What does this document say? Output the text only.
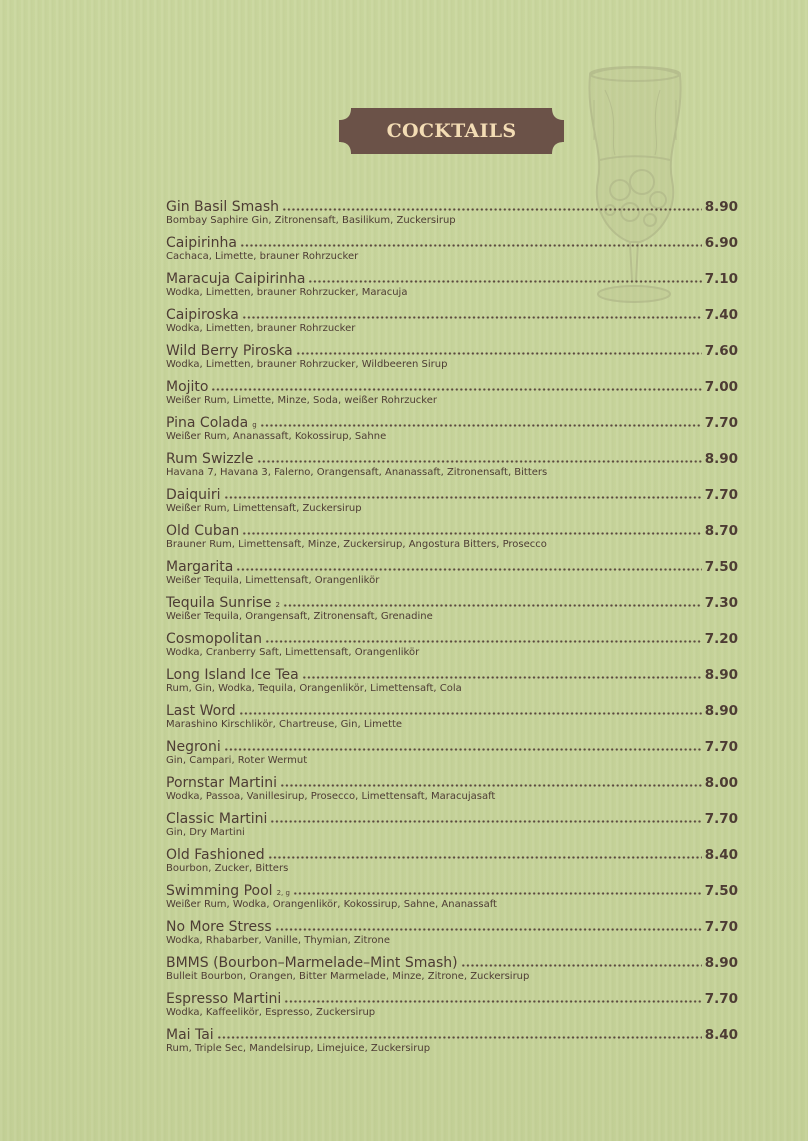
COCKTAILS
Gin Basil Smash	8.90
Bombay Saphire Gin, Zitronensaft, Basilikum, Zuckersirup
Caipirinha	6.90
Cachaca, Limette, brauner Rohrzucker
Maracuja Caipirinha	7.10
Wodka, Limetten, brauner Rohrzucker, Maracuja
Caipiroska	7.40
Wodka, Limetten, brauner Rohrzucker
Wild Berry Piroska	7.60
Wodka, Limetten, brauner Rohrzucker, Wildbeeren Sirup
Mojito	7.00
Weißer Rum, Limette, Minze, Soda, weißer Rohrzucker
Pina Colada g	7.70
Weißer Rum, Ananassaft, Kokossirup, Sahne
Rum Swizzle	8.90
Havana 7, Havana 3, Falerno, Orangensaft, Ananassaft, Zitronensaft, Bitters
Daiquiri	7.70
Weißer Rum, Limettensaft, Zuckersirup
Old Cuban	8.70
Brauner Rum, Limettensaft, Minze, Zuckersirup, Angostura Bitters, Prosecco
Margarita	7.50
Weißer Tequila, Limettensaft, Orangenlikör
Tequila Sunrise 2	7.30
Weißer Tequila, Orangensaft, Zitronensaft, Grenadine
Cosmopolitan	7.20
Wodka, Cranberry Saft, Limettensaft, Orangenlikör
Long Island Ice Tea	8.90
Rum, Gin, Wodka, Tequila, Orangenlikör, Limettensaft, Cola
Last Word	8.90
Marashino Kirschlikör, Chartreuse, Gin, Limette
Negroni	7.70
Gin, Campari, Roter Wermut
Pornstar Martini	8.00
Wodka, Passoa, Vanillesirup, Prosecco, Limettensaft, Maracujasaft
Classic Martini	7.70
Gin, Dry Martini
Old Fashioned	8.40
Bourbon, Zucker, Bitters
Swimming Pool 2, g	7.50
Weißer Rum, Wodka, Orangenlikör, Kokossirup, Sahne, Ananassaft
No More Stress	7.70
Wodka, Rhabarber, Vanille, Thymian, Zitrone
BMMS (Bourbon–Marmelade–Mint Smash)	8.90
Bulleit Bourbon, Orangen, Bitter Marmelade, Minze, Zitrone, Zuckersirup
Espresso Martini	7.70
Wodka, Kaffeelikör, Espresso, Zuckersirup
Mai Tai	8.40
Rum, Triple Sec, Mandelsirup, Limejuice, Zuckersirup
